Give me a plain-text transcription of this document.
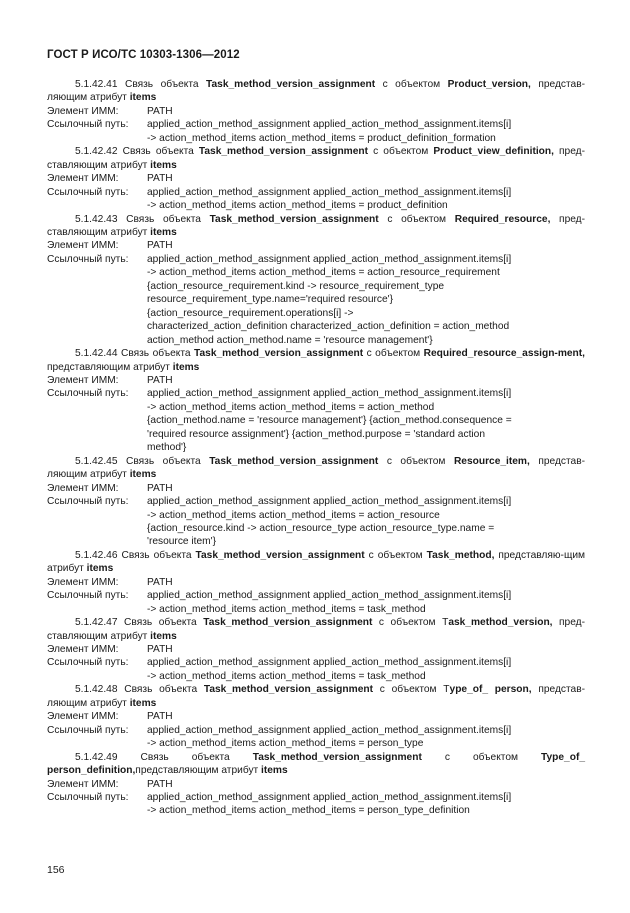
ГОСТ Р ИСО/ТС 10303-1306—2012
5.1.42.41 Связь объекта Task_method_version_assignment с объектом Product_version, представ-ляющим атрибут items
Элемент ИММ:	PATH
Ссылочный путь:	applied_action_method_assignment applied_action_method_assignment.items[i]
-> action_method_items action_method_items = product_definition_formation
5.1.42.42 Связь объекта Task_method_version_assignment с объектом Product_view_definition, пред-ставляющим атрибут items
Элемент ИММ:	PATH
Ссылочный путь:	applied_action_method_assignment applied_action_method_assignment.items[i]
-> action_method_items action_method_items = product_definition
5.1.42.43 Связь объекта Task_method_version_assignment с объектом Required_resource, пред-ставляющим атрибут items
Элемент ИММ:	PATH
Ссылочный путь:	applied_action_method_assignment applied_action_method_assignment.items[i]
-> action_method_items action_method_items = action_resource_requirement
{action_resource_requirement.kind -> resource_requirement_type
resource_requirement_type.name='required resource'}
{action_resource_requirement.operations[i] ->
characterized_action_definition characterized_action_definition = action_method
action_method action_method.name = 'resource management'}
5.1.42.44 Связь объекта Task_method_version_assignment с объектом Required_resource_assign-ment, представляющим атрибут items
Элемент ИММ:	PATH
Ссылочный путь:	applied_action_method_assignment applied_action_method_assignment.items[i]
-> action_method_items action_method_items = action_method
{action_method.name = 'resource management'} {action_method.consequence =
'required resource assignment'} {action_method.purpose = 'standard action
method'}
5.1.42.45 Связь объекта Task_method_version_assignment с объектом Resource_item, представ-ляющим атрибут items
Элемент ИММ:	PATH
Ссылочный путь:	applied_action_method_assignment applied_action_method_assignment.items[i]
-> action_method_items action_method_items = action_resource
{action_resource.kind -> action_resource_type action_resource_type.name =
'resource item'}
5.1.42.46 Связь объекта Task_method_version_assignment с объектом Task_method, представляю-щим атрибут items
Элемент ИММ:	PATH
Ссылочный путь:	applied_action_method_assignment applied_action_method_assignment.items[i]
-> action_method_items action_method_items = task_method
5.1.42.47 Связь объекта Task_method_version_assignment с объектом Тask_method_version, пред-ставляющим атрибут items
Элемент ИММ:	PATH
Ссылочный путь:	applied_action_method_assignment applied_action_method_assignment.items[i]
-> action_method_items action_method_items = task_method
5.1.42.48 Связь объекта Task_method_version_assignment с объектом Тype_of_ person, представ-ляющим атрибут items
Элемент ИММ:	PATH
Ссылочный путь:	applied_action_method_assignment applied_action_method_assignment.items[i]
-> action_method_items action_method_items = person_type
5.1.42.49 Связь объекта Task_method_version_assignment с объектом Type_of_ person_definition,представляющим атрибут items
Элемент ИММ:	PATH
Ссылочный путь:	applied_action_method_assignment applied_action_method_assignment.items[i]
-> action_method_items action_method_items = person_type_definition
156
